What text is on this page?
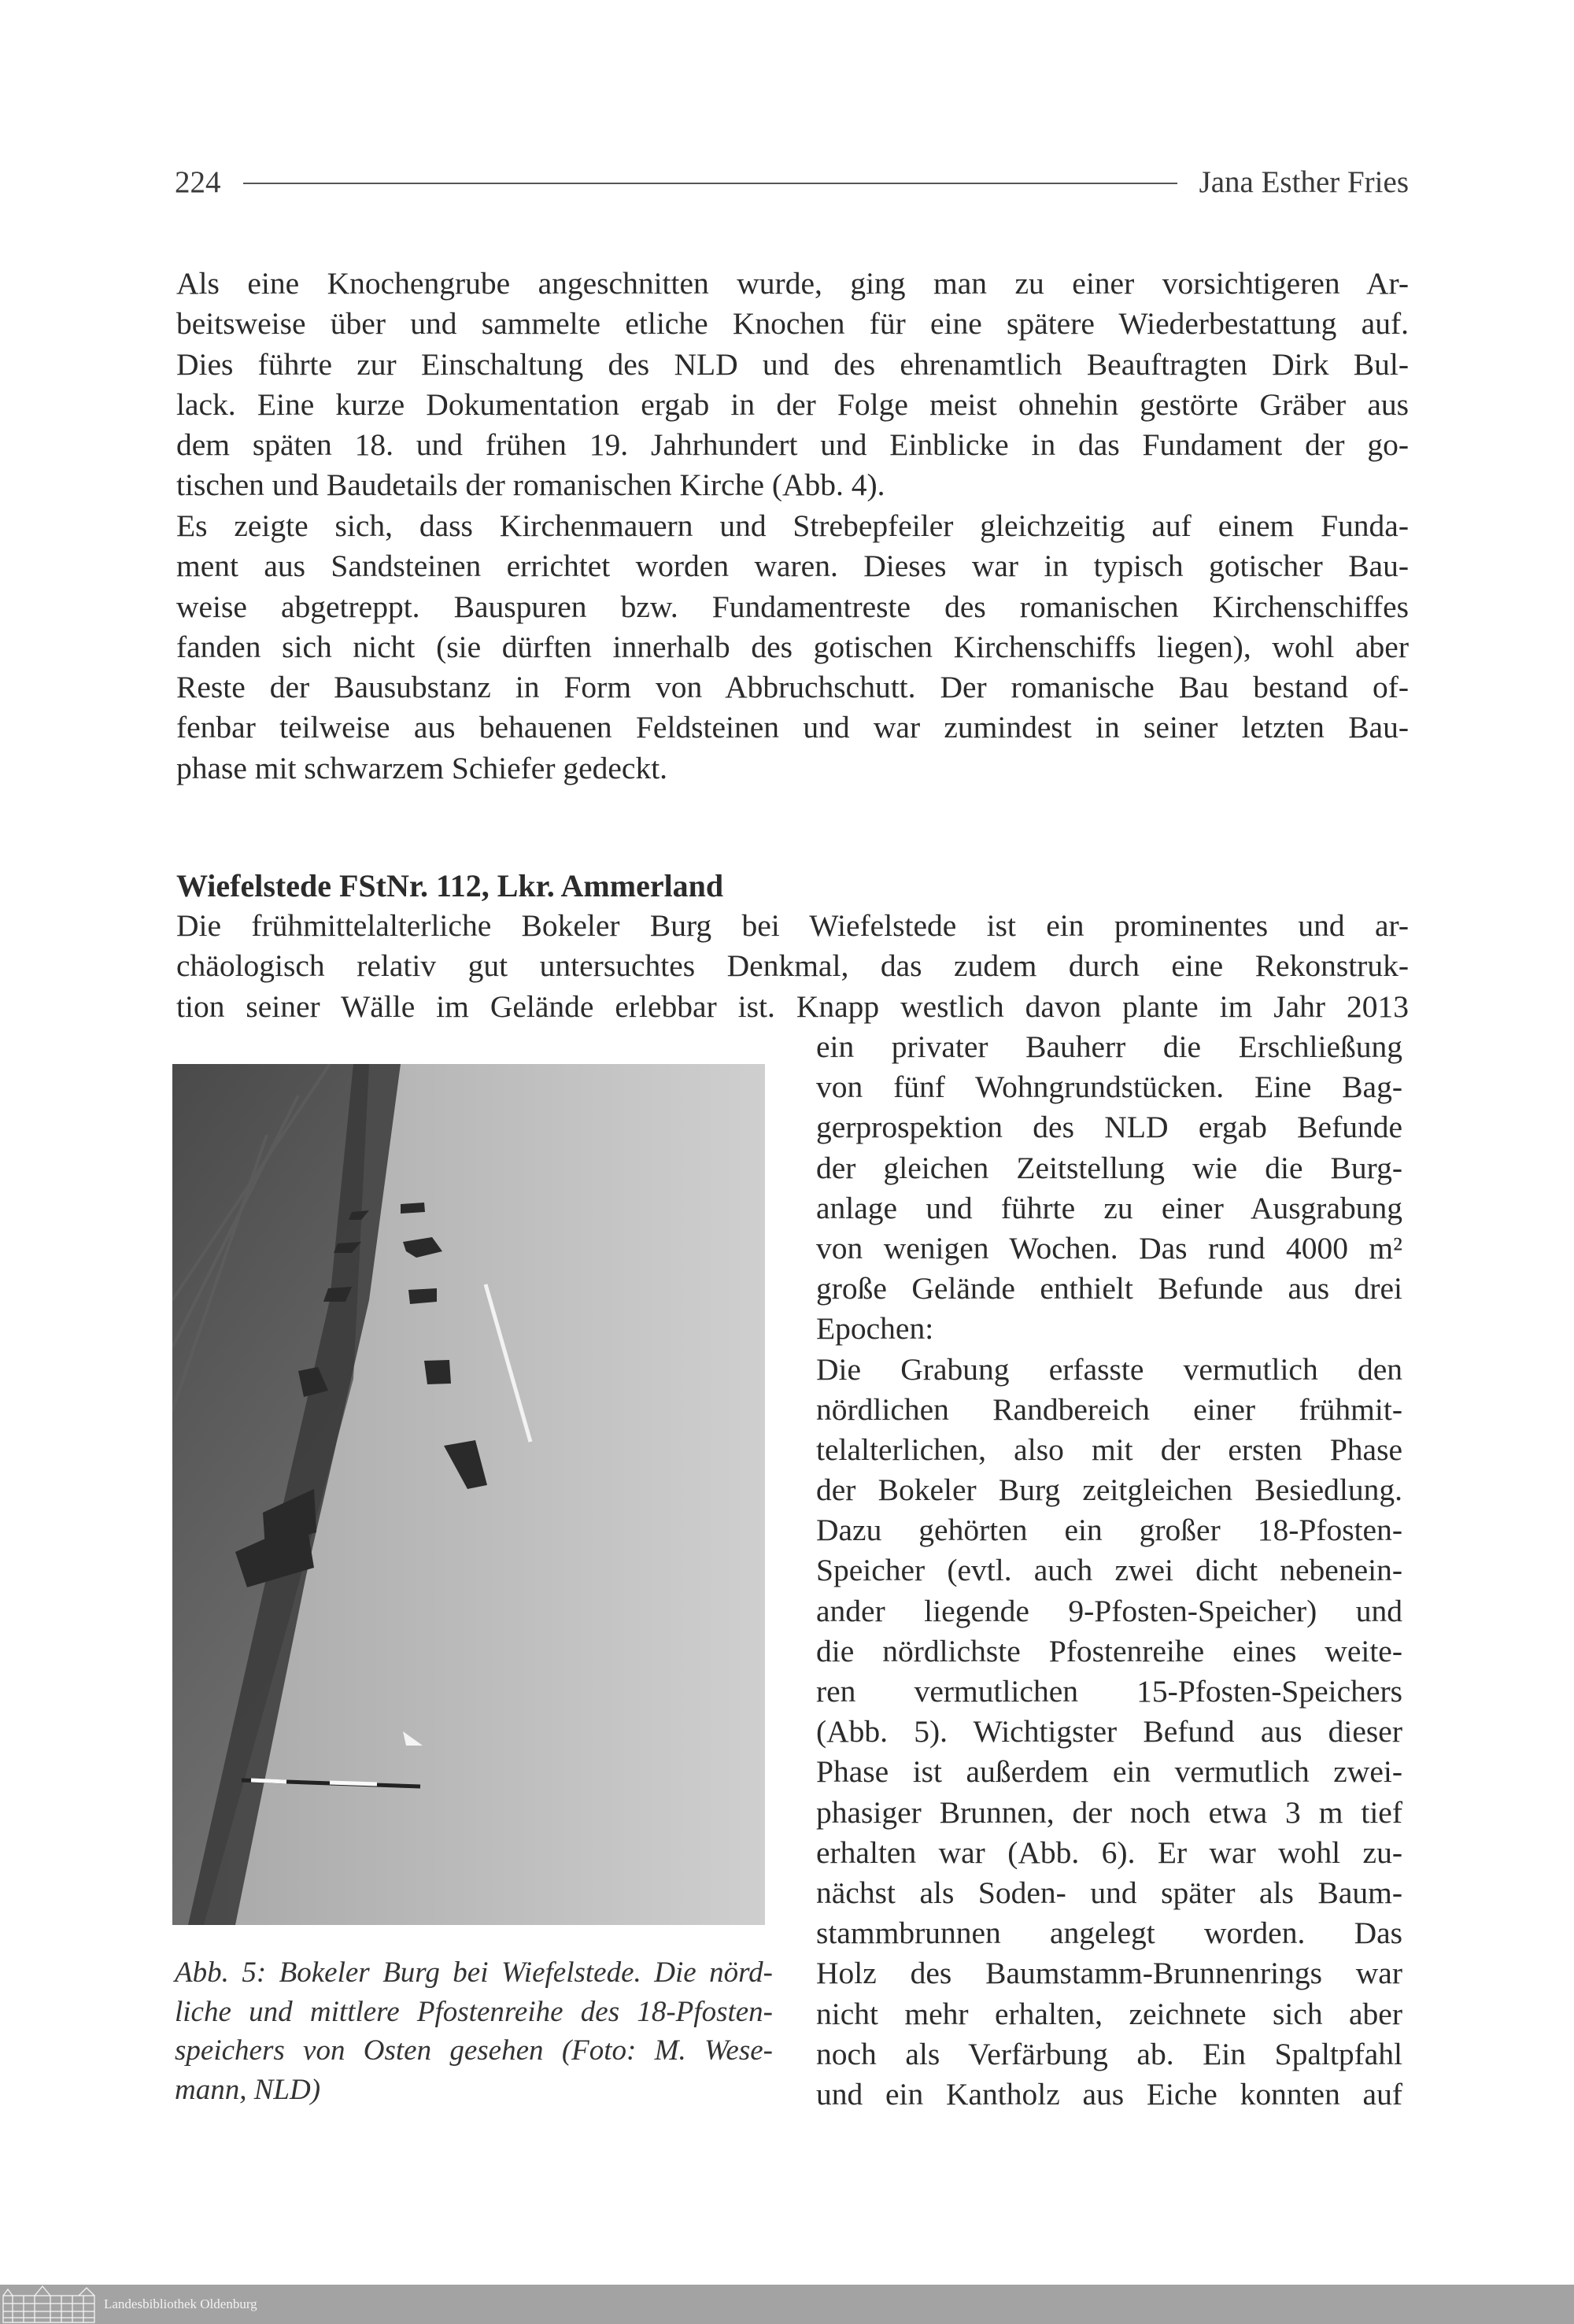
224	Jana Esther Fries
Als eine Knochengrube angeschnitten wurde, ging man zu einer vorsichtigeren Ar-
beitsweise über und sammelte etliche Knochen für eine spätere Wiederbestattung auf.
Dies führte zur Einschaltung des NLD und des ehrenamtlich Beauftragten Dirk Bul-
lack. Eine kurze Dokumentation ergab in der Folge meist ohnehin gestörte Gräber aus
dem späten 18. und frühen 19. Jahrhundert und Einblicke in das Fundament der go-
tischen und Baudetails der romanischen Kirche (Abb. 4).
Es zeigte sich, dass Kirchenmauern und Strebepfeiler gleichzeitig auf einem Funda-
ment aus Sandsteinen errichtet worden waren. Dieses war in typisch gotischer Bau-
weise abgetreppt. Bauspuren bzw. Fundamentreste des romanischen Kirchenschiffes
fanden sich nicht (sie dürften innerhalb des gotischen Kirchenschiffs liegen), wohl aber
Reste der Bausubstanz in Form von Abbruchschutt. Der romanische Bau bestand of-
fenbar teilweise aus behauenen Feldsteinen und war zumindest in seiner letzten Bau-
phase mit schwarzem Schiefer gedeckt.
Wiefelstede FStNr. 112, Lkr. Ammerland
Die frühmittelalterliche Bokeler Burg bei Wiefelstede ist ein prominentes und ar-
chäologisch relativ gut untersuchtes Denkmal, das zudem durch eine Rekonstruk-
tion seiner Wälle im Gelände erlebbar ist. Knapp westlich davon plante im Jahr 2013
Abb. 5: Bokeler Burg bei Wiefelstede. Die nörd-
liche und mittlere Pfostenreihe des 18-Pfosten-
speichers von Osten gesehen (Foto: M. Wese-
mann, NLD)
ein privater Bauherr die Erschließung
von fünf Wohngrundstücken. Eine Bag-
gerprospektion des NLD ergab Befunde
der gleichen Zeitstellung wie die Burg-
anlage und führte zu einer Ausgrabung
von wenigen Wochen. Das rund 4000 m²
große Gelände enthielt Befunde aus drei
Epochen:
Die Grabung erfasste vermutlich den
nördlichen Randbereich einer frühmit-
telalterlichen, also mit der ersten Phase
der Bokeler Burg zeitgleichen Besiedlung.
Dazu gehörten ein großer 18-Pfosten-
Speicher (evtl. auch zwei dicht nebenein-
ander liegende 9-Pfosten-Speicher) und
die nördlichste Pfostenreihe eines weite-
ren vermutlichen 15-Pfosten-Speichers
(Abb. 5). Wichtigster Befund aus dieser
Phase ist außerdem ein vermutlich zwei-
phasiger Brunnen, der noch etwa 3 m tief
erhalten war (Abb. 6). Er war wohl zu-
nächst als Soden- und später als Baum-
stammbrunnen angelegt worden. Das
Holz des Baumstamm-Brunnenrings war
nicht mehr erhalten, zeichnete sich aber
noch als Verfärbung ab. Ein Spaltpfahl
und ein Kantholz aus Eiche konnten auf
Landesbibliothek Oldenburg
